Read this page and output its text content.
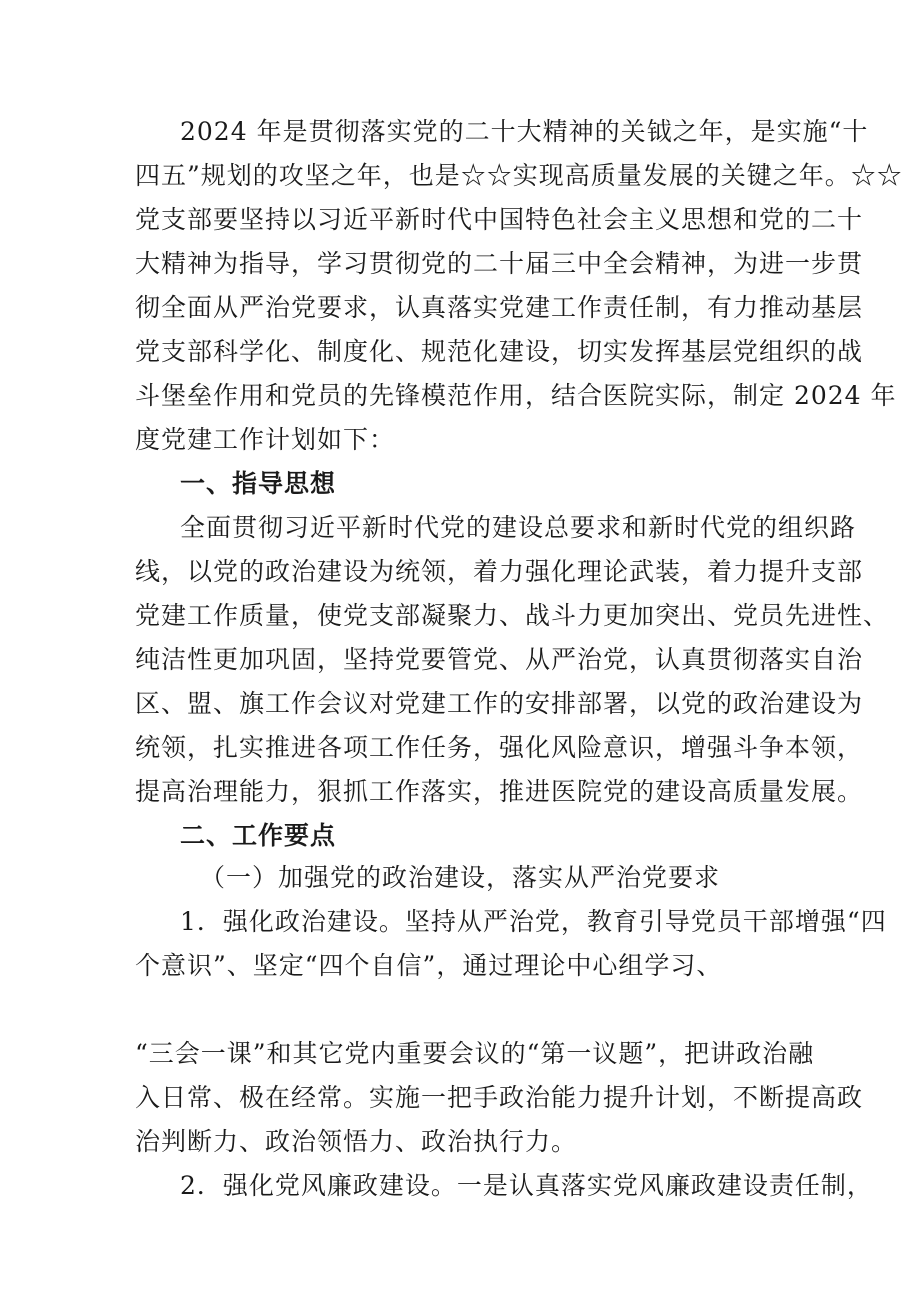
2024 年是贯彻落实党的二十大精神的关钺之年，是实施“十
四五”规划的攻坚之年，也是☆☆实现高质量发展的关键之年。☆☆
党支部要坚持以习近平新时代中国特色社会主义思想和党的二十
大精神为指导，学习贯彻党的二十届三中全会精神，为进一步贯
彻全面从严治党要求，认真落实党建工作责任制，有力推动基层
党支部科学化、制度化、规范化建设，切实发挥基层党组织的战
斗堡垒作用和党员的先锋模范作用，结合医院实际，制定 2024 年
度党建工作计划如下：
一、指导思想
全面贯彻习近平新时代党的建设总要求和新时代党的组织路
线，以党的政治建设为统领，着力强化理论武装，着力提升支部
党建工作质量，使党支部凝聚力、战斗力更加突出、党员先进性、
纯洁性更加巩固，坚持党要管党、从严治党，认真贯彻落实自治
区、盟、旗工作会议对党建工作的安排部署，以党的政治建设为
统领，扎实推进各项工作任务，强化风险意识，增强斗争本领，
提高治理能力，狠抓工作落实，推进医院党的建设高质量发展。
二、工作要点
（一）加强党的政治建设，落实从严治党要求
1．强化政治建设。坚持从严治党，教育引导党员干部增强“四
个意识”、坚定“四个自信”，通过理论中心组学习、
“三会一课”和其它党内重要会议的“第一议题”，把讲政治融
入日常、极在经常。实施一把手政治能力提升计划，不断提高政
治判断力、政治领悟力、政治执行力。
2．强化党风廉政建设。一是认真落实党风廉政建设责任制，
